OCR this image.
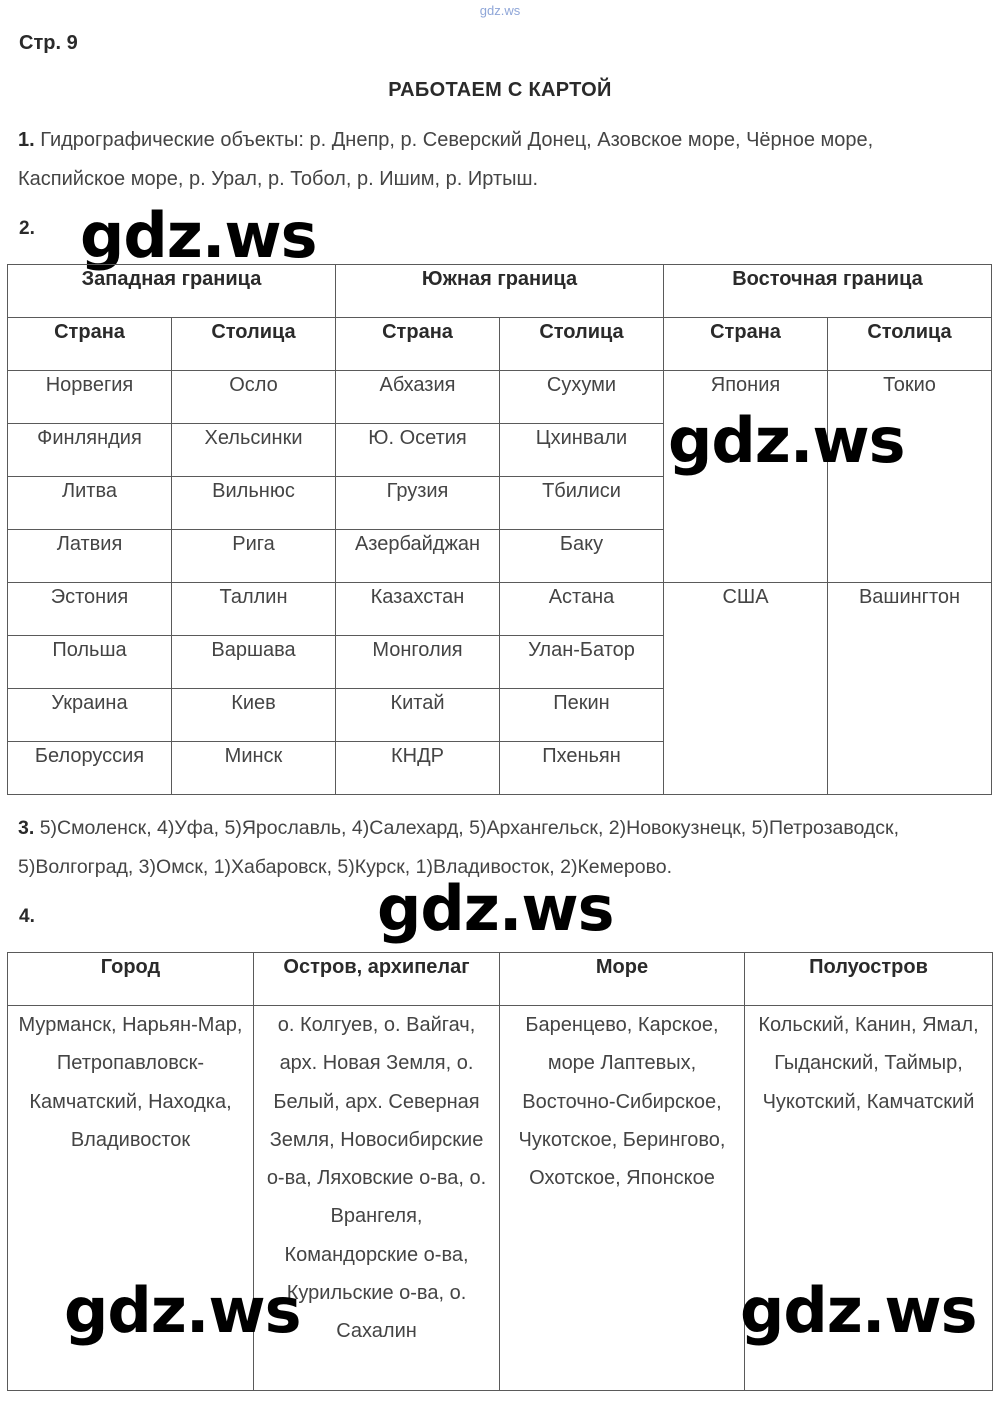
gdz.ws
Стр. 9
РАБОТАЕМ С КАРТОЙ
1. Гидрографические объекты: р. Днепр, р. Северский Донец, Азовское море, Чёрное море, Каспийское море, р. Урал, р. Тобол, р. Ишим, р. Иртыш.
2. gdz.ws
Западная граница		Южная граница		Восточная граница	
Страна	Столица	Страна	Столица	Страна	Столица
Норвегия	Осло	Абхазия	Сухуми	Япония	Токио
Финляндия	Хельсинки	Ю. Осетия	Цхинвали		
Литва	Вильнюс	Грузия	Тбилиси		
Латвия	Рига	Азербайджан	Баку		
Эстония	Таллин	Казахстан	Астана	США	Вашингтон
Польша	Варшава	Монголия	Улан-Батор		
Украина	Киев	Китай	Пекин		
Белоруссия	Минск	КНДР	Пхеньян		
gdz.ws
3. 5)Смоленск, 4)Уфа, 5)Ярославль, 4)Салехард, 5)Архангельск, 2)Новокузнецк, 5)Петрозаводск, 5)Волгоград, 3)Омск, 1)Хабаровск, 5)Курск, 1)Владивосток, 2)Кемерово.
4.	gdz.ws
Город	Остров, архипелаг	Море	Полуостров
Мурманск, Нарьян-Мар, Петропавловск-Камчатский, Находка, Владивосток	о. Колгуев, о. Вайгач, арх. Новая Земля, о. Белый, арх. Северная Земля, Новосибирские о-ва, Ляховские о-ва, о. Врангеля, Командорские о-ва, Курильские о-ва, о. Сахалин	Баренцево, Карское, море Лаптевых, Восточно-Сибирское, Чукотское, Берингово, Охотское, Японское	Кольский, Канин, Ямал, Гыданский, Таймыр, Чукотский, Камчатский
gdz.ws	gdz.ws
